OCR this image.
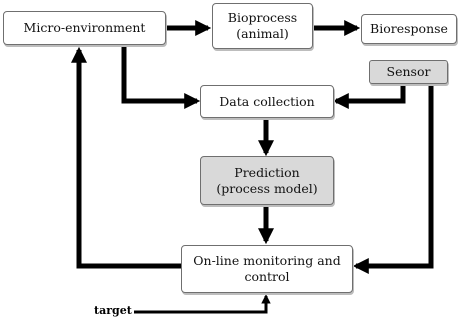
Micro-environment
Bioprocess
(animal)	Bioresponse
Sensor
Data collection
Prediction
(process model)
On-line monitoring and
control
target
